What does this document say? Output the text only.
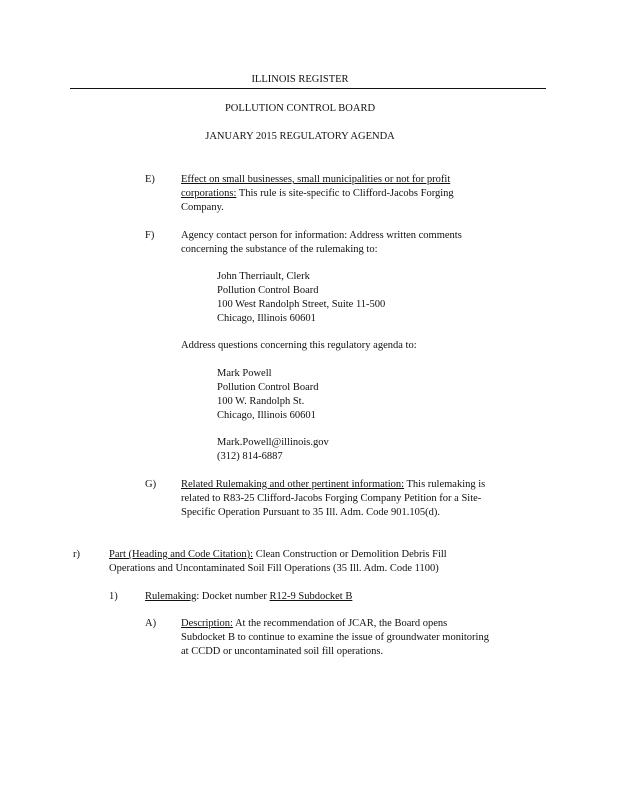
ILLINOIS REGISTER
POLLUTION CONTROL BOARD
JANUARY 2015 REGULATORY AGENDA
E) Effect on small businesses, small municipalities or not for profit
corporations: This rule is site-specific to Clifford-Jacobs Forging
Company.
F)	Agency contact person for information: Address written comments
concerning the substance of the rulemaking to:
John Therriault, Clerk
Pollution Control Board
100 West Randolph Street, Suite 11-500
Chicago, Illinois 60601
Address questions concerning this regulatory agenda to:
Mark Powell
Pollution Control Board
100 W. Randolph St.
Chicago, Illinois 60601
Mark.Powell@illinois.gov
(312) 814-6887
G) Related Rulemaking and other pertinent information: This rulemaking is
related to R83-25 Clifford-Jacobs Forging Company Petition for a Site-
Specific Operation Pursuant to 35 Ill. Adm. Code 901.105(d).
r)	Part (Heading and Code Citation): Clean Construction or Demolition Debris Fill
Operations and Uncontaminated Soil Fill Operations (35 Ill. Adm. Code 1100)
1)	Rulemaking: Docket number R12-9 Subdocket B
A) Description: At the recommendation of JCAR, the Board opens
Subdocket B to continue to examine the issue of groundwater monitoring
at CCDD or uncontaminated soil fill operations.
